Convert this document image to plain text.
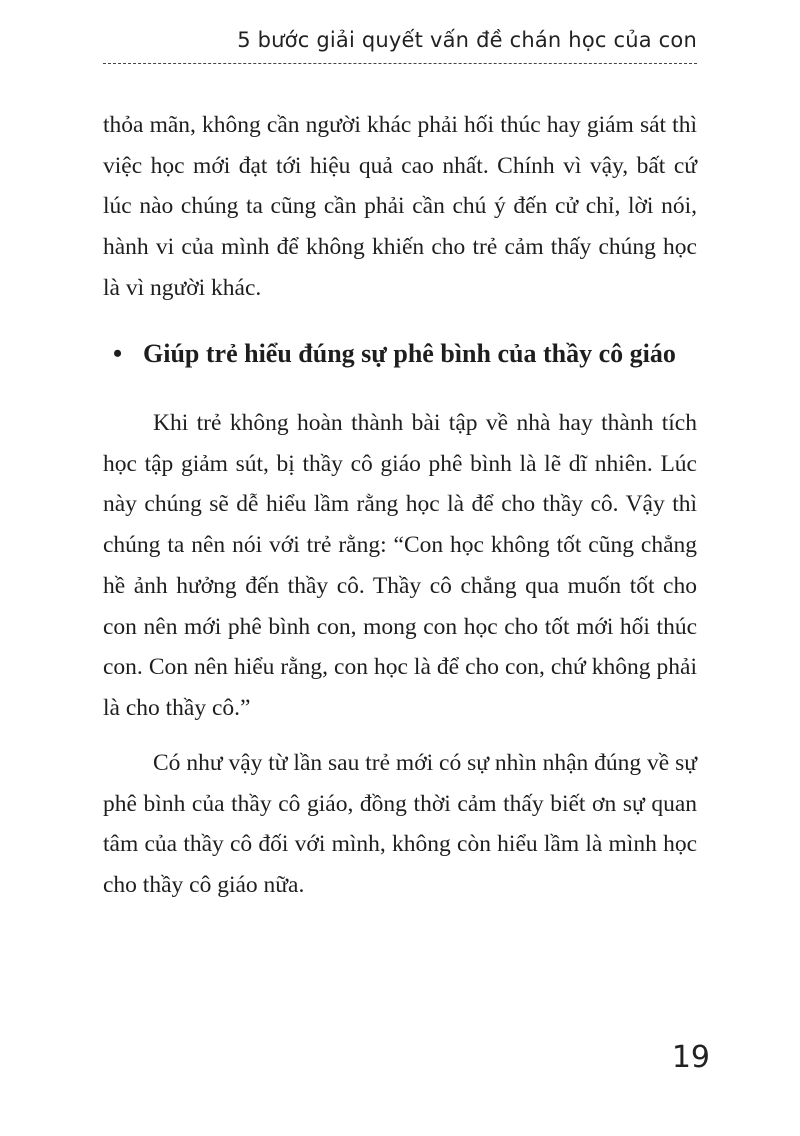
5 bước giải quyết vấn đề chán học của con

thỏa mãn, không cần người khác phải hối thúc hay giám sát thì việc học mới đạt tới hiệu quả cao nhất. Chính vì vậy, bất cứ lúc nào chúng ta cũng cần phải cần chú ý đến cử chỉ, lời nói, hành vi của mình để không khiến cho trẻ cảm thấy chúng học là vì người khác.

• Giúp trẻ hiểu đúng sự phê bình của thầy cô giáo

Khi trẻ không hoàn thành bài tập về nhà hay thành tích học tập giảm sút, bị thầy cô giáo phê bình là lẽ dĩ nhiên. Lúc này chúng sẽ dễ hiểu lầm rằng học là để cho thầy cô. Vậy thì chúng ta nên nói với trẻ rằng: “Con học không tốt cũng chẳng hề ảnh hưởng đến thầy cô. Thầy cô chẳng qua muốn tốt cho con nên mới phê bình con, mong con học cho tốt mới hối thúc con. Con nên hiểu rằng, con học là để cho con, chứ không phải là cho thầy cô.”

Có như vậy từ lần sau trẻ mới có sự nhìn nhận đúng về sự phê bình của thầy cô giáo, đồng thời cảm thấy biết ơn sự quan tâm của thầy cô đối với mình, không còn hiểu lầm là mình học cho thầy cô giáo nữa.

19
